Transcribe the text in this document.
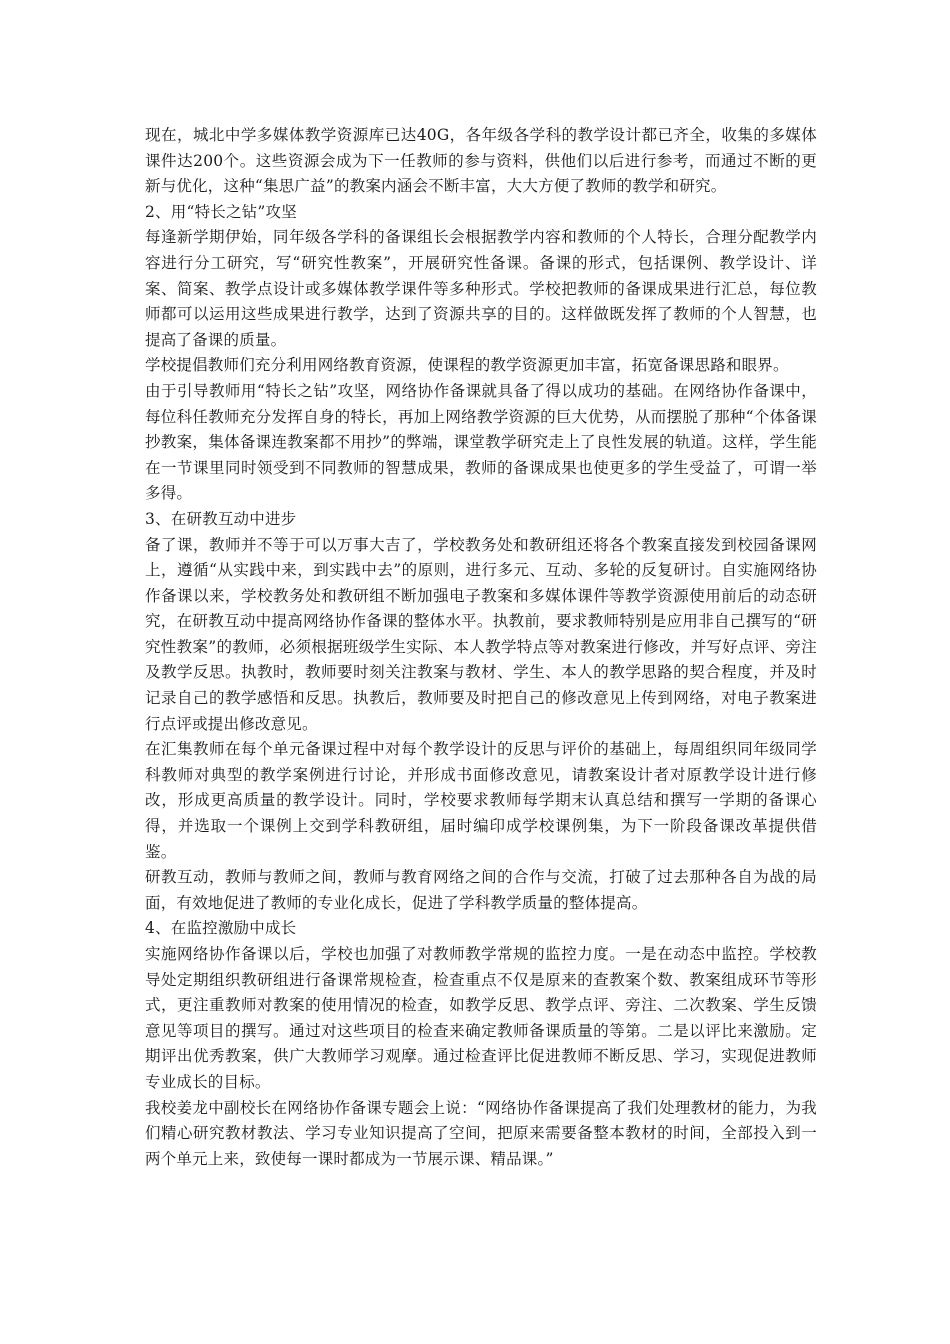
现在，城北中学多媒体教学资源库已达40G，各年级各学科的教学设计都已齐全，收集的多媒体课件达200个。这些资源会成为下一任教师的参与资料，供他们以后进行参考，而通过不断的更新与优化，这种“集思广益”的教案内涵会不断丰富，大大方便了教师的教学和研究。

2、用“特长之钻”攻坚

每逢新学期伊始，同年级各学科的备课组长会根据教学内容和教师的个人特长，合理分配教学内容进行分工研究，写“研究性教案”，开展研究性备课。备课的形式，包括课例、教学设计、详案、简案、教学点设计或多媒体教学课件等多种形式。学校把教师的备课成果进行汇总，每位教师都可以运用这些成果进行教学，达到了资源共享的目的。这样做既发挥了教师的个人智慧，也提高了备课的质量。

学校提倡教师们充分利用网络教育资源，使课程的教学资源更加丰富，拓宽备课思路和眼界。

由于引导教师用“特长之钻”攻坚，网络协作备课就具备了得以成功的基础。在网络协作备课中，每位科任教师充分发挥自身的特长，再加上网络教学资源的巨大优势，从而摆脱了那种“个体备课抄教案，集体备课连教案都不用抄”的弊端，课堂教学研究走上了良性发展的轨道。这样，学生能在一节课里同时领受到不同教师的智慧成果，教师的备课成果也使更多的学生受益了，可谓一举多得。

3、在研教互动中进步

备了课，教师并不等于可以万事大吉了，学校教务处和教研组还将各个教案直接发到校园备课网上，遵循“从实践中来，到实践中去”的原则，进行多元、互动、多轮的反复研讨。自实施网络协作备课以来，学校教务处和教研组不断加强电子教案和多媒体课件等教学资源使用前后的动态研究，在研教互动中提高网络协作备课的整体水平。执教前，要求教师特别是应用非自己撰写的“研究性教案”的教师，必须根据班级学生实际、本人教学特点等对教案进行修改，并写好点评、旁注及教学反思。执教时，教师要时刻关注教案与教材、学生、本人的教学思路的契合程度，并及时记录自己的教学感悟和反思。执教后，教师要及时把自己的修改意见上传到网络，对电子教案进行点评或提出修改意见。

在汇集教师在每个单元备课过程中对每个教学设计的反思与评价的基础上，每周组织同年级同学科教师对典型的教学案例进行讨论，并形成书面修改意见，请教案设计者对原教学设计进行修改，形成更高质量的教学设计。同时，学校要求教师每学期末认真总结和撰写一学期的备课心得，并选取一个课例上交到学科教研组，届时编印成学校课例集，为下一阶段备课改革提供借鉴。

研教互动，教师与教师之间，教师与教育网络之间的合作与交流，打破了过去那种各自为战的局面，有效地促进了教师的专业化成长，促进了学科教学质量的整体提高。

4、在监控激励中成长

实施网络协作备课以后，学校也加强了对教师教学常规的监控力度。一是在动态中监控。学校教导处定期组织教研组进行备课常规检查，检查重点不仅是原来的查教案个数、教案组成环节等形式，更注重教师对教案的使用情况的检查，如教学反思、教学点评、旁注、二次教案、学生反馈意见等项目的撰写。通过对这些项目的检查来确定教师备课质量的等第。二是以评比来激励。定期评出优秀教案，供广大教师学习观摩。通过检查评比促进教师不断反思、学习，实现促进教师专业成长的目标。

我校姜龙中副校长在网络协作备课专题会上说：“网络协作备课提高了我们处理教材的能力，为我们精心研究教材教法、学习专业知识提高了空间，把原来需要备整本教材的时间，全部投入到一两个单元上来，致使每一课时都成为一节展示课、精品课。”
